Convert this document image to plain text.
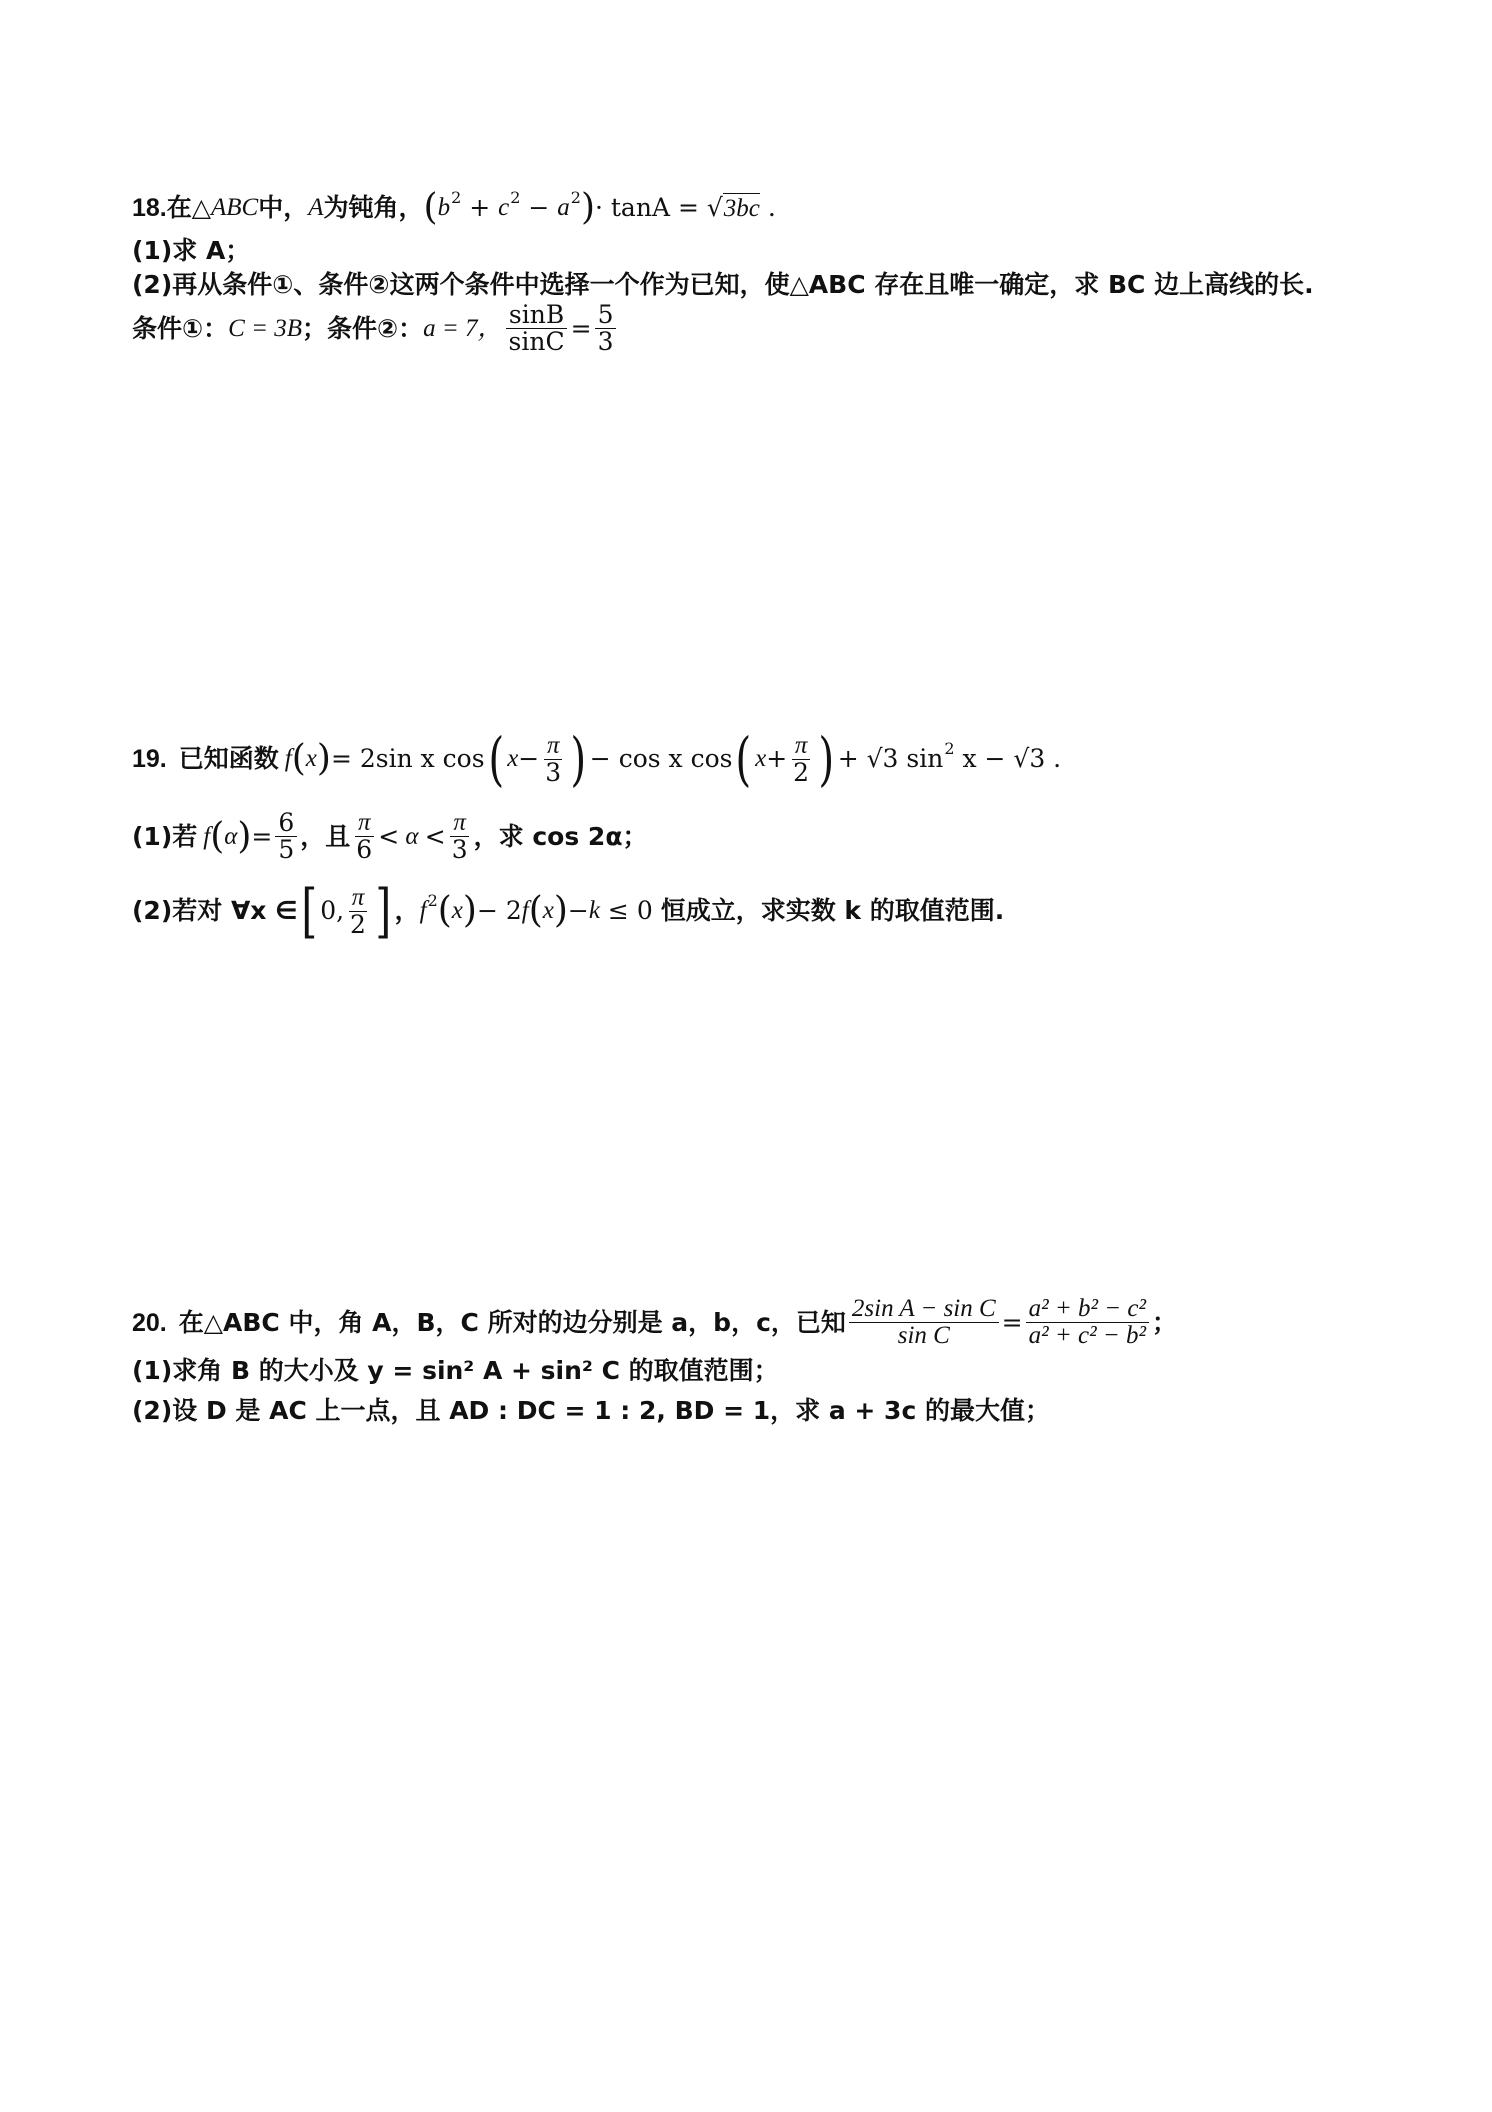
18. 在△ ABC 中， A 为钝角， ( b 2 + c 2 − a 2 ) · tanA = √ 3bc .
(1)求 A；
(2)再从条件①、条件②这两个条件中选择一个作为已知，使△ABC 存在且唯一确定，求 BC 边上高线的长.
条件①： C = 3B ；条件②： a = 7， $\frac{\sin B}{\sin C} = \frac{5}{3}$
19. 已知函数 f ( x ) = 2sin x cos ( $x - \frac{\pi}{3}$ ) − cos x cos ( $x + \frac{\pi}{2}$ ) + √3 sin 2
x − √3 .
(1)若 f ( α ) = $\frac{6}{5}$ ，且 $\frac{\pi}{6} < \alpha < \frac{\pi}{3}$ ，求 cos 2α；
(2)若对 ∀x ∈ [ 0, $\frac{\pi}{2}$ ] ， f 2 ( x ) − 2 f ( x ) − k ≤ 0 恒成立，求实数 k 的取值范围.
20. 在△ABC 中，角 A，B，C 所对的边分别是 a，b，c，已知 $\frac{\text{2sin A − sin C}}{\text{sin C}} = \frac{\text{a² + b² − c²}}{\text{a² + c² − b²}}$ ；
(1)求角 B 的大小及 y = sin² A + sin² C 的取值范围；
(2)设 D 是 AC 上一点，且 AD : DC = 1 : 2, BD = 1，求 a + 3c 的最大值；
